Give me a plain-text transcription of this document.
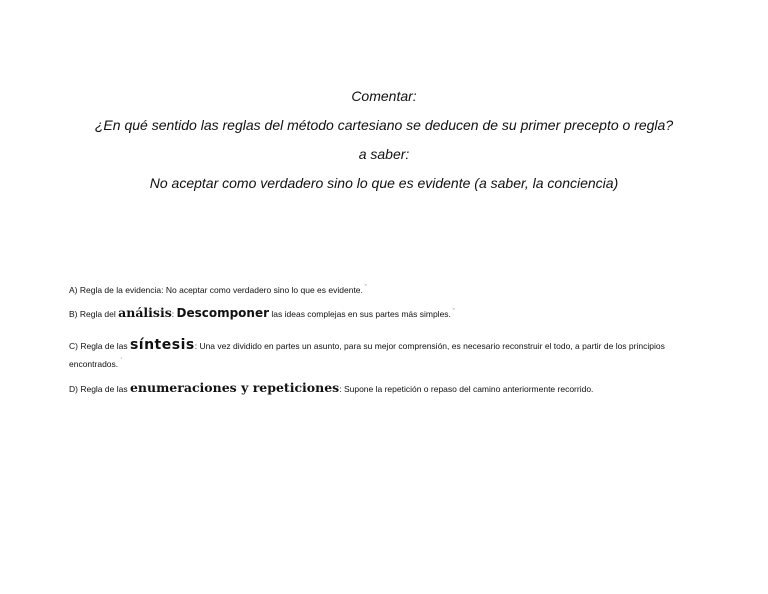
Comentar:
¿En qué sentido las reglas del método cartesiano se deducen de su primer precepto o regla?
a saber:
No aceptar como verdadero sino lo que es evidente (a saber, la conciencia)
A) Regla de la evidencia: No aceptar como verdadero sino lo que es evidente. '
B) Regla del análisis: Descomponer las ideas complejas en sus partes más simples. '
C) Regla de las síntesis: Una vez dividido en partes un asunto, para su mejor comprensión, es necesario reconstruir el todo, a partir de los principios encontrados. ´
D) Regla de las enumeraciones y repeticiones: Supone la repetición o repaso del camino anteriormente recorrido.
